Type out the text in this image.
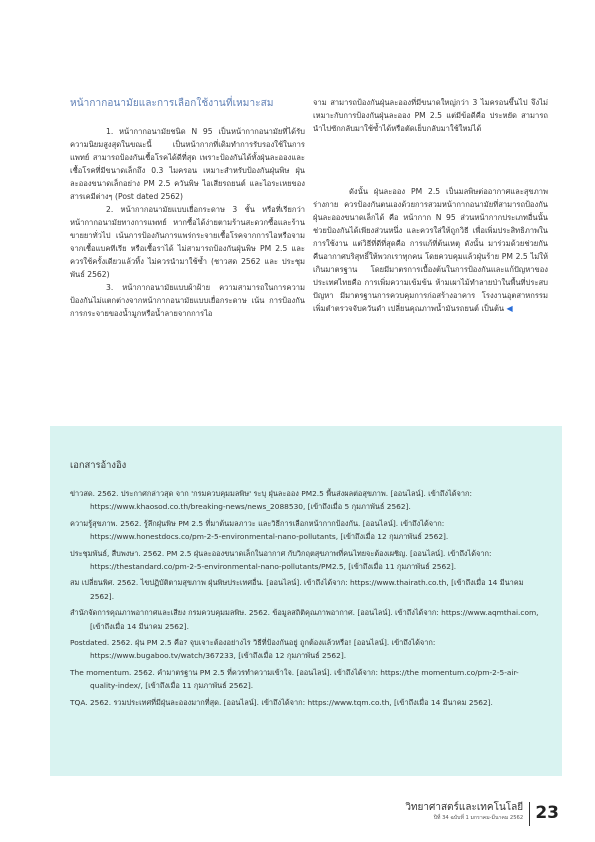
หน้ากากอนามัยและการเลือกใช้งานที่เหมาะสม

1. หน้ากากอนามัยชนิด N 95 เป็นหน้ากากอนามัยที่ได้รับความนิยมสูงสุดในขณะนี้ เป็นหน้ากากที่เดิมทำการรับรองใช้ในการแพทย์ สามารถป้องกันเชื้อโรคได้ดีที่สุด เพราะป้องกันได้ทั้งฝุ่นละอองและเชื้อโรคที่มีขนาดเล็กถึง 0.3 ไมครอน เหมาะสำหรับป้องกันฝุ่นพิษ ฝุ่นละอองขนาดเล็กอย่าง PM 2.5 ควันพิษ ไอเสียรถยนต์ และไอระเหยของสารเคมีต่างๆ (Post dated 2562)

2. หน้ากากอนามัยแบบเยื่อกระดาษ 3 ชั้น หรือที่เรียกว่าหน้ากากอนามัยทางการแพทย์ หากซื้อได้ง่ายตามร้านสะดวกซื้อและร้านขายยาทั่วไป เน้นการป้องกันการแพร่กระจายเชื้อโรคจากการไอหรือจามจากเชื้อแบคทีเรีย หรือเชื้อราได้ ไม่สามารถป้องกันฝุ่นพิษ PM 2.5 และควรใช้ครั้งเดียวแล้วทิ้ง ไม่ควรนำมาใช้ซ้ำ (ชาวสด 2562 และ ประชุมพันธ์ 2562)

3. หน้ากากอนามัยแบบผ้าฝ้าย ความสามารถในการความป้องกันไม่แตกต่างจากหน้ากากอนามัยแบบเยื่อกระดาษ เน้น การป้องกันการกระจายของน้ำมูกหรือน้ำลายจากการไอ

จาม สามารถป้องกันฝุ่นละอองที่มีขนาดใหญ่กว่า 3 ไมครอนขึ้นไป จึงไม่เหมาะกับการป้องกันฝุ่นละออง PM 2.5 แต่มีข้อดีคือ ประหยัด สามารถนำไปซักกลับมาใช้ซ้ำได้หรือตัดเย็บกลับมาใช้ใหม่ได้

ดังนั้น ฝุ่นละออง PM 2.5 เป็นมลพิษต่ออากาศและสุขภาพร่างกาย ควรป้องกันตนเองด้วยการสวมหน้ากากอนามัยที่สามารถป้องกันฝุ่นละอองขนาดเล็กได้ คือ หน้ากาก N 95 ส่วนหน้ากากประเภทอื่นนั้น ช่วยป้องกันได้เพียงส่วนหนึ่ง และควรใส่ให้ถูกวิธี เพื่อเพิ่มประสิทธิภาพในการใช้งาน แต่วิธีที่ดีที่สุดคือ การแก้ที่ต้นเหตุ ดังนั้น มาร่วมด้วยช่วยกันคืนอากาศบริสุทธิ์ให้พวกเราทุกคน โดยควบคุมแล้วฝุ่นร้าย PM 2.5 ไม่ให้เกินมาตรฐาน โดยมีมาตรการเบื้องต้นในการป้องกันและแก้ปัญหาของประเทศไทยคือ การเพิ่มความเข้มข้น ห้ามเผาไม้ทำลายป่าในพื้นที่ประสบปัญหา มีมาตรฐานการควบคุมการก่อสร้างอาคาร โรงงานอุตสาหกรรม เพิ่มตำตรวจจับควันดำ เปลี่ยนคุณภาพน้ำมันรถยนต์ เป็นต้น ◀

เอกสารอ้างอิง

ข่าวสด. 2562. ประกาศกล่าวสุด จาก 'กรมควบคุมมลพิษ' ระบุ ฝุ่นละออง PM2.5 พื้นส่งผลต่อสุขภาพ. [ออนไลน์]. เข้าถึงได้จาก: https://www.khaosod.co.th/breaking-news/news_2088530, [เข้าถึงเมื่อ 5 กุมภาพันธ์ 2562].

ความรู้สุขภาพ. 2562. รู้ลึกฝุ่นพิษ PM 2.5 ที่มาต้นมลภาวะ และวิธีการเลือกหน้ากากป้องกัน. [ออนไลน์]. เข้าถึงได้จาก: https://www.honestdocs.co/pm-2-5-environmental-nano-pollutants, [เข้าถึงเมื่อ 12 กุมภาพันธ์ 2562].

ประชุมพันธ์, สืบพงษา. 2562. PM 2.5 ฝุ่นละอองขนาดเล็กในอากาศ กับวิกฤตสุขภาพที่คนไทยจะต้องเผชิญ. [ออนไลน์]. เข้าถึงได้จาก: https://thestandard.co/pm-2-5-environmental-nano-pollutants/PM2.5, [เข้าถึงเมื่อ 11 กุมภาพันธ์ 2562].

สม เปลี่ยนพิศ. 2562. ไขปฏิบัติตามสุขภาพ ฝุ่นพิษประเทศอื่น. [ออนไลน์]. เข้าถึงได้จาก: https://www.thairath.co.th, [เข้าถึงเมื่อ 14 มีนาคม 2562].

สำนักจัดการคุณภาพอากาศและเสียง กรมควบคุมมลพิษ. 2562. ข้อมูลสถิติคุณภาพอากาศ. [ออนไลน์]. เข้าถึงได้จาก: https://www.aqmthai.com, [เข้าถึงเมื่อ 14 มีนาคม 2562].

Postdated. 2562. ฝุ่น PM 2.5 คือ? จุบเจาะต้องอย่างไร วิธีที่ป้องกันอยู่ ถูกต้องแล้วหรือ! [ออนไลน์]. เข้าถึงได้จาก: https://www.bugaboo.tv/watch/367233, [เข้าถึงเมื่อ 12 กุมภาพันธ์ 2562].

The momentum. 2562. คำมาตรฐาน PM 2.5 ที่ควรทำความเข้าใจ. [ออนไลน์]. เข้าถึงได้จาก: https://the momentum.co/pm-2-5-air-quality-index/, [เข้าถึงเมื่อ 11 กุมภาพันธ์ 2562].

TQA. 2562. รวมประเทศที่มีฝุ่นละอองมากที่สุด. [ออนไลน์]. เข้าถึงได้จาก: https://www.tqm.co.th, [เข้าถึงเมื่อ 14 มีนาคม 2562].

วิทยาศาสตร์และเทคโนโลยี
ปีที่ 34 ฉบับที่ 1 มกราคม-มีนาคม 2562 23
